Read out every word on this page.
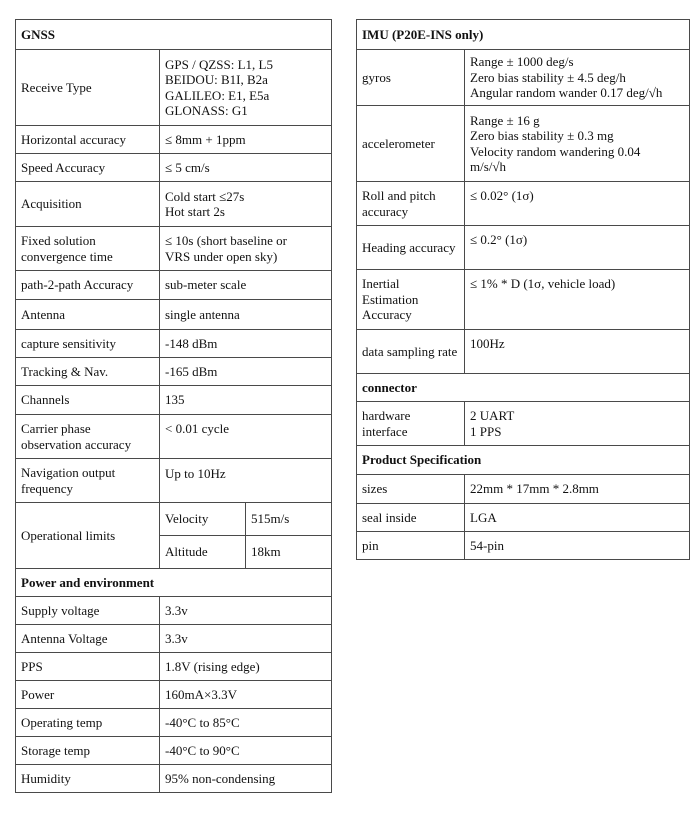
GNSS		
Receive Type	GPS / QZSS: L1, L5
BEIDOU: B1I, B2a
GALILEO: E1, E5a
GLONASS: G1	

Horizontal accuracy	≤ 8mm + 1ppm	
Speed Accuracy	≤ 5 cm/s	
Acquisition	Cold start ≤27s
Hot start 2s	

Fixed solution convergence time	≤ 10s (short baseline or
VRS under open sky)	

path-2-path Accuracy	sub-meter scale	
Antenna	single antenna	
capture sensitivity	-148 dBm	
Tracking & Nav.	-165 dBm	
Channels	135	
Carrier phase observation accuracy	< 0.01 cycle	
Navigation output frequency	Up to 10Hz	
Operational limits	Velocity	515m/s
	Altitude	18km
Power and environment		
Supply voltage	3.3v	
Antenna Voltage	3.3v	
PPS	1.8V (rising edge)	
Power	160mA×3.3V	
Operating temp	-40°C to 85°C	
Storage temp	-40°C to 90°C	
Humidity	95% non-condensing	
IMU (P20E-INS only)	
gyros	Range ± 1000 deg/s
Zero bias stability ± 4.5 deg/h
Angular random wander 0.17 deg/√h

accelerometer	Range ± 16 g
Zero bias stability ± 0.3 mg
Velocity random wandering 0.04
m/s/√h

Roll and pitch accuracy	≤ 0.02° (1σ)
Heading accuracy	≤ 0.2° (1σ)
Inertial Estimation Accuracy	≤ 1% * D (1σ, vehicle load)
data sampling rate	100Hz
connector	
hardware interface	2 UART
1 PPS

Product Specification	
sizes	22mm * 17mm * 2.8mm
seal inside	LGA
pin	54-pin
